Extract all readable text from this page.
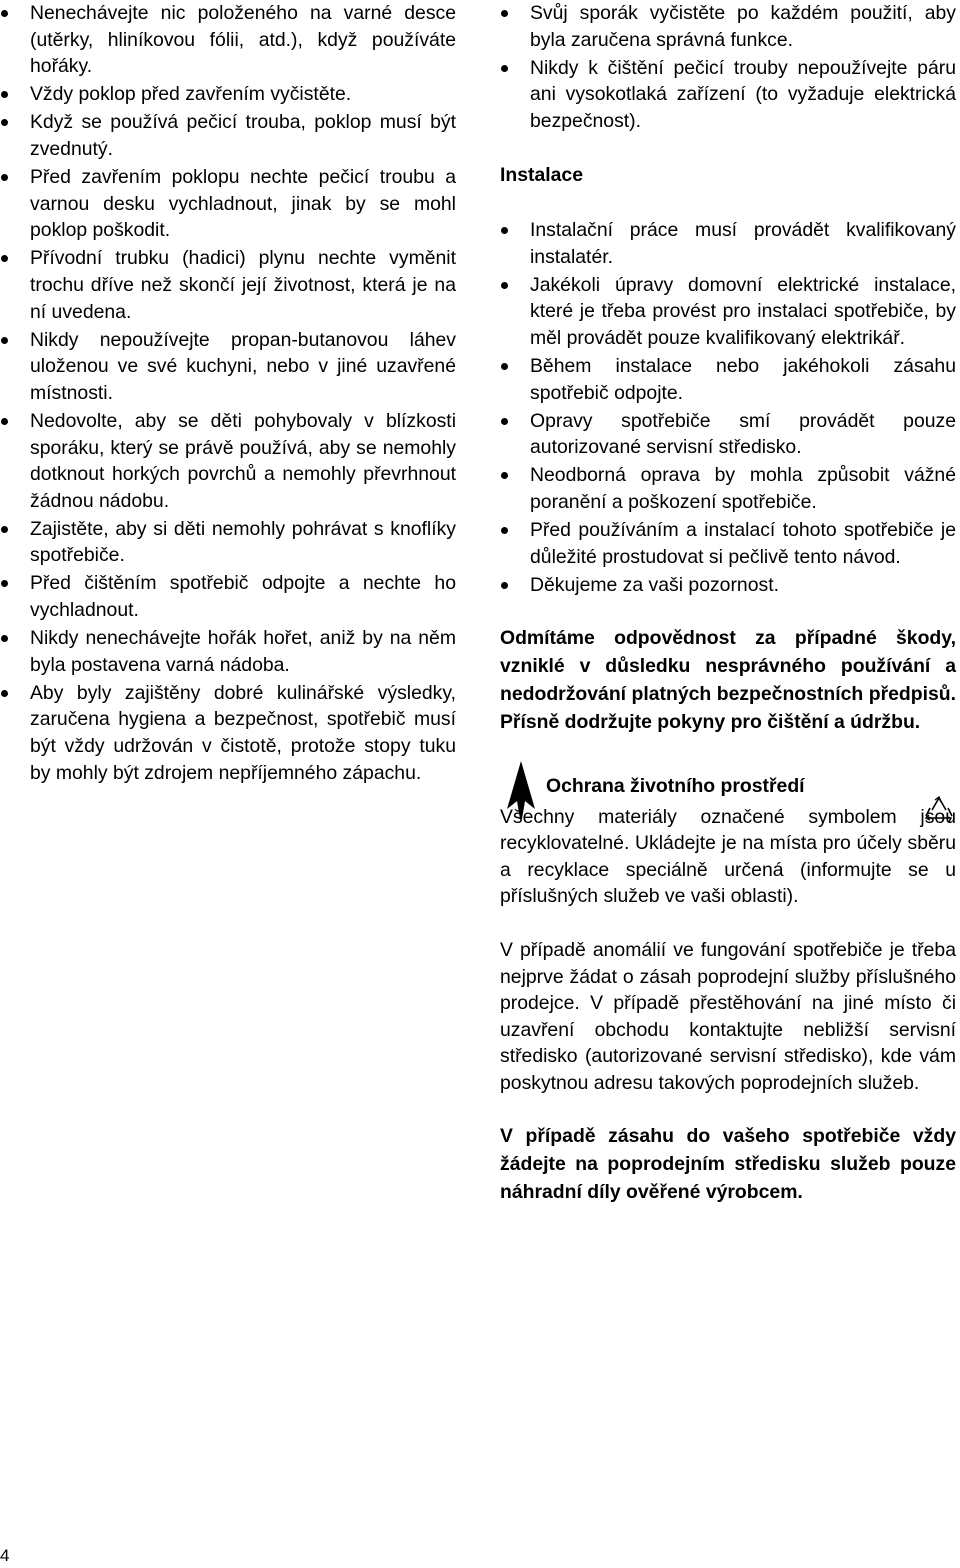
Nenechávejte nic položeného na varné desce (utěrky, hliníkovou fólii, atd.), když používáte hořáky.
Vždy poklop před zavřením vyčistěte.
Když se používá pečicí trouba, poklop musí být zvednutý.
Před zavřením poklopu nechte pečicí troubu a varnou desku vychladnout, jinak by se mohl poklop poškodit.
Přívodní trubku (hadici) plynu nechte vyměnit trochu dříve než skončí její životnost, která je na ní uvedena.
Nikdy nepoužívejte propan-butanovou láhev uloženou ve své kuchyni, nebo v jiné uzavřené místnosti.
Nedovolte, aby se děti pohybovaly v blízkosti sporáku, který se právě používá, aby se nemohly dotknout horkých povrchů a nemohly převrhnout žádnou nádobu.
Zajistěte, aby si děti nemohly pohrávat s knoflíky spotřebiče.
Před čištěním spotřebič odpojte a nechte ho vychladnout.
Nikdy nenechávejte hořák hořet, aniž by na něm byla postavena varná nádoba.
Aby byly zajištěny dobré kulinářské výsledky, zaručena hygiena a bezpečnost, spotřebič musí být vždy udržován v čistotě, protože stopy tuku by mohly být zdrojem nepříjemného zápachu.
Svůj sporák vyčistěte po každém použití, aby byla zaručena správná funkce.
Nikdy k čištění pečicí trouby nepoužívejte páru ani vysokotlaká zařízení (to vyžaduje elektrická bezpečnost).
Instalace
Instalační práce musí provádět kvalifikovaný instalatér.
Jakékoli úpravy domovní elektrické instalace, které je třeba provést pro instalaci spotřebiče, by měl provádět pouze kvalifikovaný elektrikář.
Během instalace nebo jakéhokoli zásahu spotřebič odpojte.
Opravy spotřebiče smí provádět pouze autorizované servisní středisko.
Neodborná oprava by mohla způsobit vážné poranění a poškození spotřebiče.
Před používáním a instalací tohoto spotřebiče je důležité prostudovat si pečlivě tento návod.
Děkujeme za vaši pozornost.

Odmítáme odpovědnost za případné škody, vzniklé v důsledku nesprávného používání a nedodržování platných bezpečnostních předpisů. Přísně dodržujte pokyny pro čištění a údržbu.

Ochrana životního prostředí

Všechny materiály označené symbolem jsou recyklovatelné. Ukládejte je na místa pro účely sběru a recyklace speciálně určená (informujte se u příslušných služeb ve vaši oblasti).

V případě anomálií ve fungování spotřebiče je třeba nejprve žádat o zásah poprodejní služby příslušného prodejce. V případě přestěhování na jiné místo či uzavření obchodu kontaktujte nebližší servisní středisko (autorizované servisní středisko), kde vám poskytnou adresu takových poprodejních služeb.

V případě zásahu do vašeho spotřebiče vždy žádejte na poprodejním středisku služeb pouze náhradní díly ověřené výrobcem.

4
